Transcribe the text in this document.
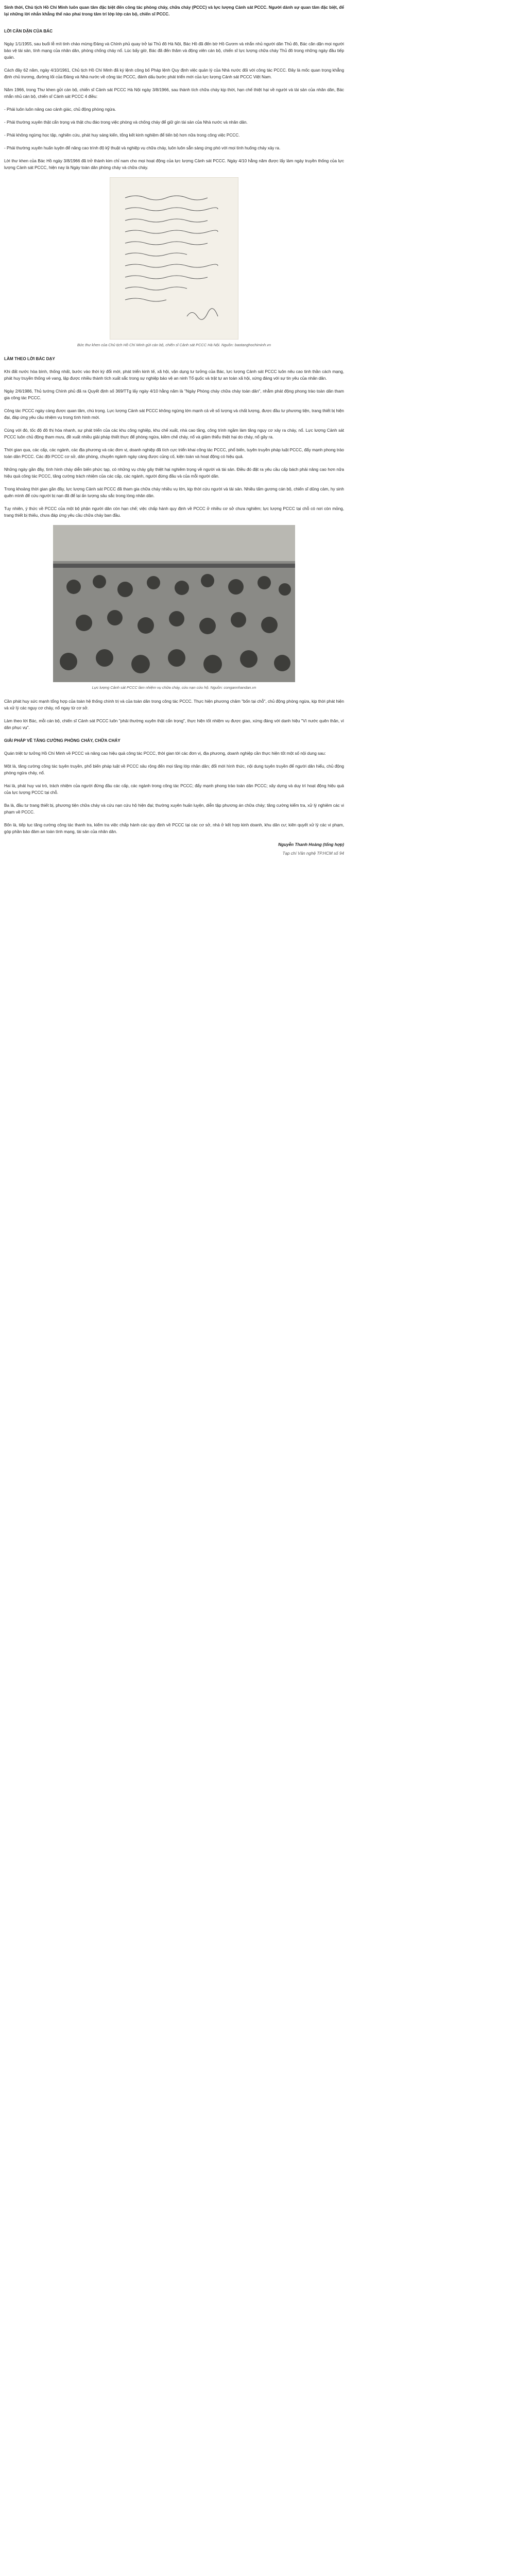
Sinh thời, Chủ tịch Hồ Chí Minh luôn quan tâm đặc biệt đến công tác phòng cháy, chữa cháy (PCCC) và lực lượng Cảnh sát PCCC. Người dành sự quan tâm đặc biệt, để lại những lời nhắn khẳng thể nào phai trong tâm trí lớp lớp cán bộ, chiến sĩ PCCC.

LỜI CĂN DẶN CỦA BÁC

Ngày 1/1/1955, sau buổi lễ mít tinh chào mừng Đảng và Chính phủ quay trở lại Thủ đô Hà Nội, Bác Hồ đã đến bờ Hồ Gươm và nhắn nhủ người dân Thủ đô, Bác căn dặn mọi người bảo vệ tài sản, tính mạng của nhân dân, phòng chống cháy nổ. Lúc bấy giờ, Bác đã đến thăm và động viên cán bộ, chiến sĩ lực lượng chữa cháy Thủ đô trong những ngày đầu tiếp quản.

Cách đây 62 năm, ngày 4/10/1961, Chủ tịch Hồ Chí Minh đã ký lệnh công bố Pháp lệnh Quy định việc quản lý của Nhà nước đối với công tác PCCC. Đây là mốc quan trọng khẳng định chủ trương, đường lối của Đảng và Nhà nước về công tác PCCC, đánh dấu bước phát triển mới của lực lượng Cảnh sát PCCC Việt Nam.

Năm 1966, trong Thư khen gửi cán bộ, chiến sĩ Cảnh sát PCCC Hà Nội ngày 3/8/1966, sau thành tích chữa cháy kịp thời, hạn chế thiệt hại về người và tài sản của nhân dân, Bác nhắn nhủ cán bộ, chiến sĩ Cảnh sát PCCC 4 điều:

- Phải luôn luôn nâng cao cảnh giác, chủ động phòng ngừa.

- Phải thường xuyên thật cẩn trọng và thật chu đáo trong việc phòng và chống cháy để giữ gìn tài sản của Nhà nước và nhân dân.

- Phải không ngừng học tập, nghiên cứu, phát huy sáng kiến, tổng kết kinh nghiệm để tiến bộ hơn nữa trong công việc PCCC.

- Phải thường xuyên huấn luyện để nâng cao trình độ kỹ thuật và nghiệp vụ chữa cháy, luôn luôn sẵn sàng ứng phó với mọi tình huống cháy xảy ra.

Lời thư khen của Bác Hồ ngày 3/8/1966 đã trở thành kim chỉ nam cho mọi hoạt động của lực lượng Cảnh sát PCCC. Ngày 4/10 hằng năm được lấy làm ngày truyền thống của lực lượng Cảnh sát PCCC, hiện nay là Ngày toàn dân phòng cháy và chữa cháy.

Bức thư khen của Chủ tịch Hồ Chí Minh gửi cán bộ, chiến sĩ Cảnh sát PCCC Hà Nội. Nguồn: baotanghochiminh.vn

LÀM THEO LỜI BÁC DẠY

Khi đất nước hòa bình, thống nhất, bước vào thời kỳ đổi mới, phát triển kinh tế, xã hội, vận dụng tư tưởng của Bác, lực lượng Cảnh sát PCCC luôn nêu cao tinh thần cách mạng, phát huy truyền thống vẻ vang, lập được nhiều thành tích xuất sắc trong sự nghiệp bảo vệ an ninh Tổ quốc và trật tự an toàn xã hội, xứng đáng với sự tin yêu của nhân dân.

Ngày 2/6/1986, Thủ tướng Chính phủ đã ra Quyết định số 369/TTg lấy ngày 4/10 hằng năm là "Ngày Phòng cháy chữa cháy toàn dân", nhằm phát động phong trào toàn dân tham gia công tác PCCC.

Công tác PCCC ngày càng được quan tâm, chú trọng. Lực lượng Cảnh sát PCCC không ngừng lớn mạnh cả về số lượng và chất lượng, được đầu tư phương tiện, trang thiết bị hiện đại, đáp ứng yêu cầu nhiệm vụ trong tình hình mới.

Cùng với đó, tốc độ đô thị hóa nhanh, sự phát triển của các khu công nghiệp, khu chế xuất, nhà cao tầng, công trình ngầm làm tăng nguy cơ xảy ra cháy, nổ. Lực lượng Cảnh sát PCCC luôn chủ động tham mưu, đề xuất nhiều giải pháp thiết thực để phòng ngừa, kiềm chế cháy, nổ và giảm thiểu thiệt hại do cháy, nổ gây ra.

Thời gian qua, các cấp, các ngành, các địa phương và các đơn vị, doanh nghiệp đã tích cực triển khai công tác PCCC, phổ biến, tuyên truyền pháp luật PCCC, đẩy mạnh phong trào toàn dân PCCC. Các đội PCCC cơ sở, dân phòng, chuyên ngành ngày càng được củng cố, kiện toàn và hoạt động có hiệu quả.

Những ngày gần đây, tình hình cháy diễn biến phức tạp, có những vụ cháy gây thiệt hại nghiêm trọng về người và tài sản. Điều đó đặt ra yêu cầu cấp bách phải nâng cao hơn nữa hiệu quả công tác PCCC, tăng cường trách nhiệm của các cấp, các ngành, người đứng đầu và của mỗi người dân.

Trong khoảng thời gian gần đây, lực lượng Cảnh sát PCCC đã tham gia chữa cháy nhiều vụ lớn, kịp thời cứu người và tài sản. Nhiều tấm gương cán bộ, chiến sĩ dũng cảm, hy sinh quên mình để cứu người bị nạn đã để lại ấn tượng sâu sắc trong lòng nhân dân.

Tuy nhiên, ý thức về PCCC của một bộ phận người dân còn hạn chế; việc chấp hành quy định về PCCC ở nhiều cơ sở chưa nghiêm; lực lượng PCCC tại chỗ có nơi còn mỏng, trang thiết bị thiếu, chưa đáp ứng yêu cầu chữa cháy ban đầu.

Lực lượng Cảnh sát PCCC làm nhiệm vụ chữa cháy, cứu nạn cứu hộ. Nguồn: congannhandan.vn

Cần phát huy sức mạnh tổng hợp của toàn hệ thống chính trị và của toàn dân trong công tác PCCC. Thực hiện phương châm "bốn tại chỗ", chủ động phòng ngừa, kịp thời phát hiện và xử lý các nguy cơ cháy, nổ ngay từ cơ sở.

Làm theo lời Bác, mỗi cán bộ, chiến sĩ Cảnh sát PCCC luôn "phải thường xuyên thật cẩn trọng", thực hiện tốt nhiệm vụ được giao, xứng đáng với danh hiệu "Vì nước quên thân, vì dân phục vụ".

GIẢI PHÁP VỀ TĂNG CƯỜNG PHÒNG CHÁY, CHỮA CHÁY

Quán triệt tư tưởng Hồ Chí Minh về PCCC và nâng cao hiệu quả công tác PCCC, thời gian tới các đơn vị, địa phương, doanh nghiệp cần thực hiện tốt một số nội dung sau:

Một là, tăng cường công tác tuyên truyền, phổ biến pháp luật về PCCC sâu rộng đến mọi tầng lớp nhân dân; đổi mới hình thức, nội dung tuyên truyền để người dân hiểu, chủ động phòng ngừa cháy, nổ.

Hai là, phát huy vai trò, trách nhiệm của người đứng đầu các cấp, các ngành trong công tác PCCC; đẩy mạnh phong trào toàn dân PCCC; xây dựng và duy trì hoạt động hiệu quả của lực lượng PCCC tại chỗ.

Ba là, đầu tư trang thiết bị, phương tiện chữa cháy và cứu nạn cứu hộ hiện đại; thường xuyên huấn luyện, diễn tập phương án chữa cháy; tăng cường kiểm tra, xử lý nghiêm các vi phạm về PCCC.

Bốn là, tiếp tục tăng cường công tác thanh tra, kiểm tra việc chấp hành các quy định về PCCC tại các cơ sở, nhà ở kết hợp kinh doanh, khu dân cư; kiên quyết xử lý các vi phạm, góp phần bảo đảm an toàn tính mạng, tài sản của nhân dân.

Nguyễn Thanh Hoàng (tổng hợp)

Tạp chí Văn nghệ TP.HCM số 94
